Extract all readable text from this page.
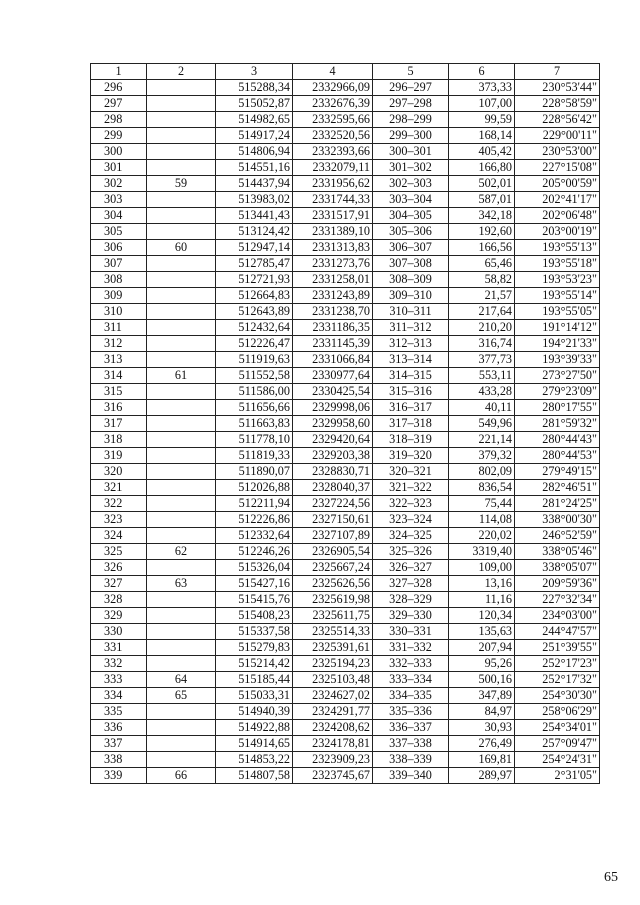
1	2	3	4	5	6	7
296		515288,34	2332966,09	296–297	373,33	230°53'44"
297		515052,87	2332676,39	297–298	107,00	228°58'59"
298		514982,65	2332595,66	298–299	99,59	228°56'42"
299		514917,24	2332520,56	299–300	168,14	229°00'11"
300		514806,94	2332393,66	300–301	405,42	230°53'00"
301		514551,16	2332079,11	301–302	166,80	227°15'08"
302	59	514437,94	2331956,62	302–303	502,01	205°00'59"
303		513983,02	2331744,33	303–304	587,01	202°41'17"
304		513441,43	2331517,91	304–305	342,18	202°06'48"
305		513124,42	2331389,10	305–306	192,60	203°00'19"
306	60	512947,14	2331313,83	306–307	166,56	193°55'13"
307		512785,47	2331273,76	307–308	65,46	193°55'18"
308		512721,93	2331258,01	308–309	58,82	193°53'23"
309		512664,83	2331243,89	309–310	21,57	193°55'14"
310		512643,89	2331238,70	310–311	217,64	193°55'05"
311		512432,64	2331186,35	311–312	210,20	191°14'12"
312		512226,47	2331145,39	312–313	316,74	194°21'33"
313		511919,63	2331066,84	313–314	377,73	193°39'33"
314	61	511552,58	2330977,64	314–315	553,11	273°27'50"
315		511586,00	2330425,54	315–316	433,28	279°23'09"
316		511656,66	2329998,06	316–317	40,11	280°17'55"
317		511663,83	2329958,60	317–318	549,96	281°59'32"
318		511778,10	2329420,64	318–319	221,14	280°44'43"
319		511819,33	2329203,38	319–320	379,32	280°44'53"
320		511890,07	2328830,71	320–321	802,09	279°49'15"
321		512026,88	2328040,37	321–322	836,54	282°46'51"
322		512211,94	2327224,56	322–323	75,44	281°24'25"
323		512226,86	2327150,61	323–324	114,08	338°00'30"
324		512332,64	2327107,89	324–325	220,02	246°52'59"
325	62	512246,26	2326905,54	325–326	3319,40	338°05'46"
326		515326,04	2325667,24	326–327	109,00	338°05'07"
327	63	515427,16	2325626,56	327–328	13,16	209°59'36"
328		515415,76	2325619,98	328–329	11,16	227°32'34"
329		515408,23	2325611,75	329–330	120,34	234°03'00"
330		515337,58	2325514,33	330–331	135,63	244°47'57"
331		515279,83	2325391,61	331–332	207,94	251°39'55"
332		515214,42	2325194,23	332–333	95,26	252°17'23"
333	64	515185,44	2325103,48	333–334	500,16	252°17'32"
334	65	515033,31	2324627,02	334–335	347,89	254°30'30"
335		514940,39	2324291,77	335–336	84,97	258°06'29"
336		514922,88	2324208,62	336–337	30,93	254°34'01"
337		514914,65	2324178,81	337–338	276,49	257°09'47"
338		514853,22	2323909,23	338–339	169,81	254°24'31"
339	66	514807,58	2323745,67	339–340	289,97	2°31'05"
65
